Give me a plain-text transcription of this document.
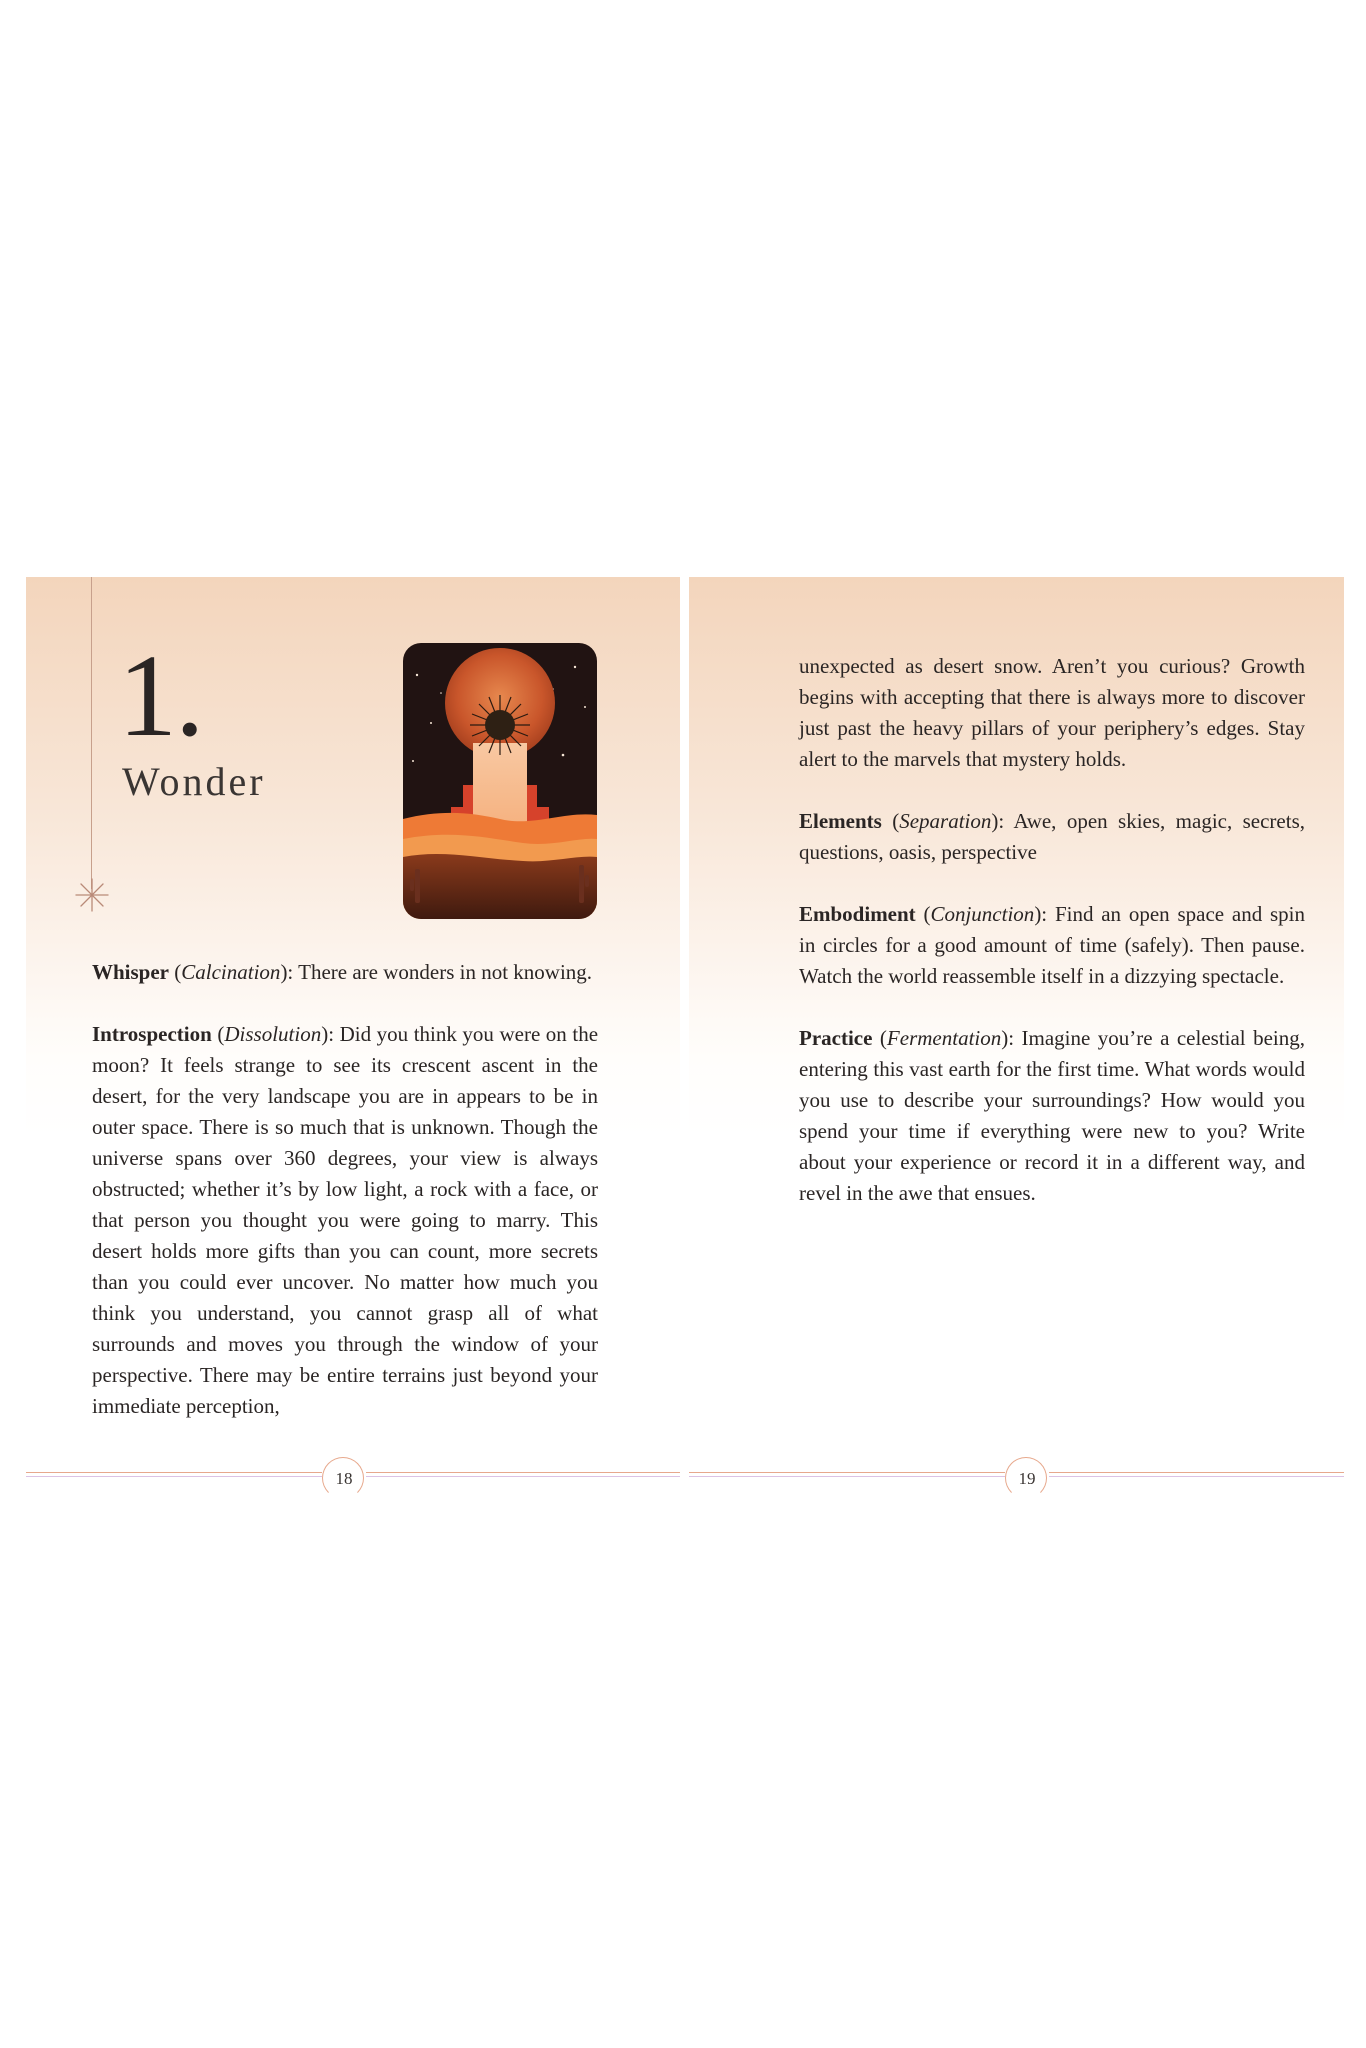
1.
Wonder

Whisper (Calcination): There are wonders in not knowing.

Introspection (Dissolution): Did you think you were on the moon? It feels strange to see its crescent ascent in the desert, for the very landscape you are in appears to be in outer space. There is so much that is unknown. Though the universe spans over 360 degrees, your view is always obstructed; whether it’s by low light, a rock with a face, or that person you thought you were going to marry. This desert holds more gifts than you can count, more secrets than you could ever uncover. No matter how much you think you understand, you cannot grasp all of what surrounds and moves you through the window of your perspective. There may be entire terrains just beyond your immediate perception,

18

unexpected as desert snow. Aren’t you curious? Growth begins with accepting that there is always more to discover just past the heavy pillars of your periphery’s edges. Stay alert to the marvels that mystery holds.

Elements (Separation): Awe, open skies, magic, secrets, questions, oasis, perspective

Embodiment (Conjunction): Find an open space and spin in circles for a good amount of time (safely). Then pause. Watch the world reassemble itself in a dizzying spectacle.

Practice (Fermentation): Imagine you’re a celestial being, entering this vast earth for the first time. What words would you use to describe your surroundings? How would you spend your time if everything were new to you? Write about your experience or record it in a different way, and revel in the awe that ensues.

19
